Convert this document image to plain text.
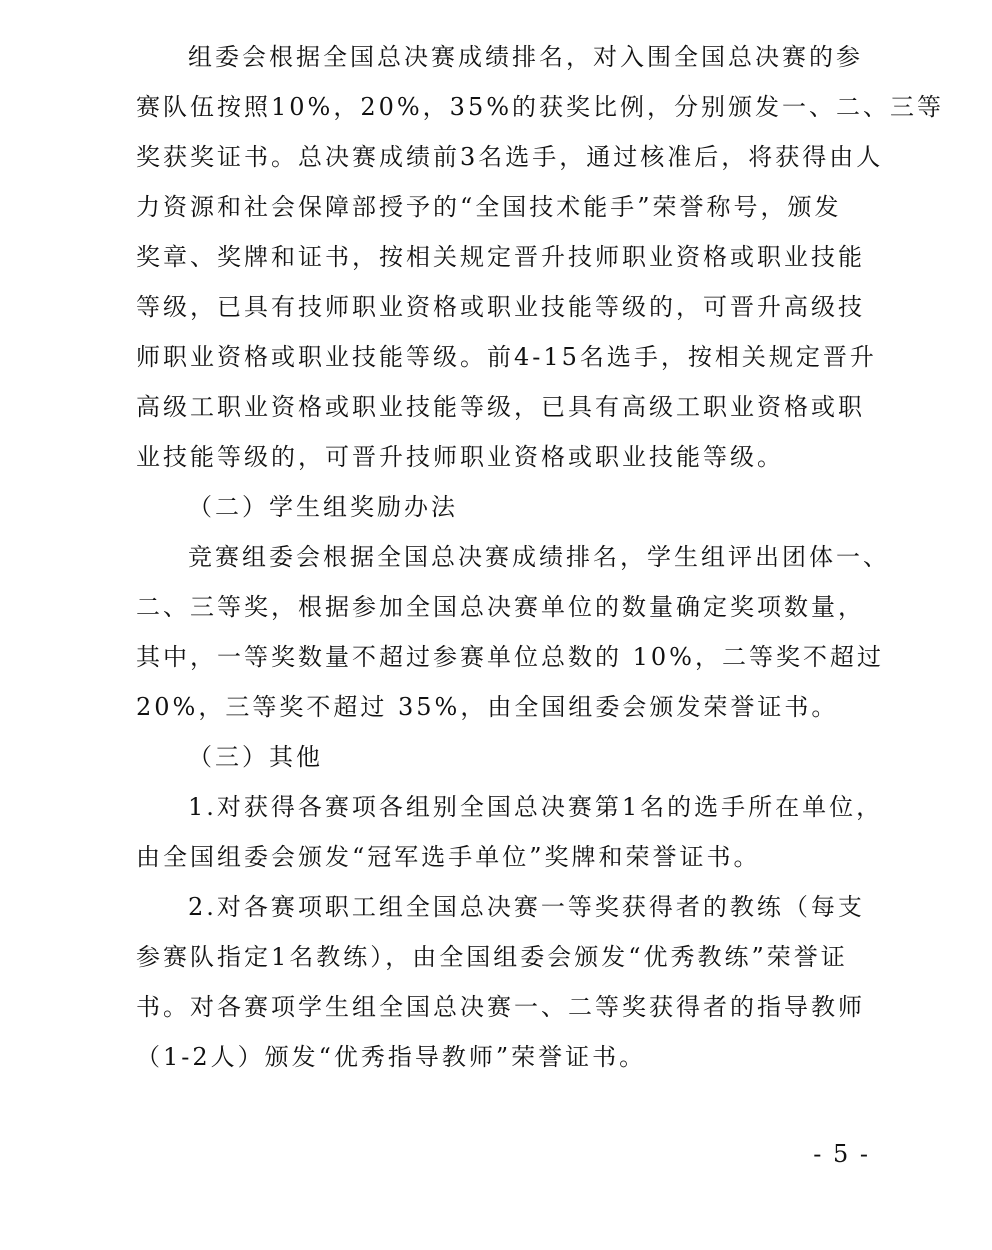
组委会根据全国总决赛成绩排名，对入围全国总决赛的参
赛队伍按照10%，20%，35%的获奖比例，分别颁发一、二、三等
奖获奖证书。总决赛成绩前3名选手，通过核准后，将获得由人
力资源和社会保障部授予的“全国技术能手”荣誉称号，颁发
奖章、奖牌和证书，按相关规定晋升技师职业资格或职业技能
等级，已具有技师职业资格或职业技能等级的，可晋升高级技
师职业资格或职业技能等级。前4-15名选手，按相关规定晋升
高级工职业资格或职业技能等级，已具有高级工职业资格或职
业技能等级的，可晋升技师职业资格或职业技能等级。
（二）学生组奖励办法
竞赛组委会根据全国总决赛成绩排名，学生组评出团体一、
二、三等奖，根据参加全国总决赛单位的数量确定奖项数量，
其中，一等奖数量不超过参赛单位总数的 10%，二等奖不超过
20%，三等奖不超过 35%，由全国组委会颁发荣誉证书。
（三）其他
1.对获得各赛项各组别全国总决赛第1名的选手所在单位，
由全国组委会颁发“冠军选手单位”奖牌和荣誉证书。
2.对各赛项职工组全国总决赛一等奖获得者的教练（每支
参赛队指定1名教练），由全国组委会颁发“优秀教练”荣誉证
书。对各赛项学生组全国总决赛一、二等奖获得者的指导教师
（1-2人）颁发“优秀指导教师”荣誉证书。
- 5 -
